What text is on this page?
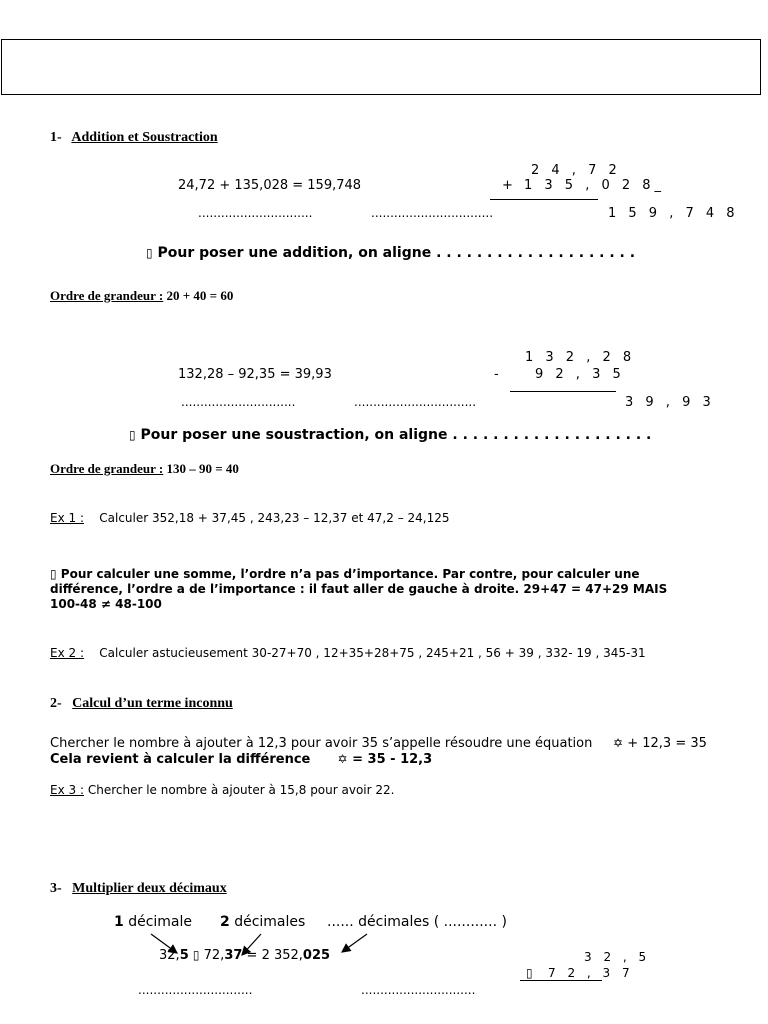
1- Addition et Soustraction
24,72 + 135,028 = 159,748
2 4 , 7 2
+ 1 3 5 , 0 2 8_
1 5 9 , 7 4 8
..............................	................................
▯ Pour poser une addition, on aligne . . . . . . . . . . . . . . . . . . . .
Ordre de grandeur : 20 + 40 = 60
132,28 – 92,35 = 39,93
1 3 2 , 2 8
-	9 2 , 3 5
3 9 , 9 3
..............................	................................
▯ Pour poser une soustraction, on aligne . . . . . . . . . . . . . . . . . . . .
Ordre de grandeur : 130 – 90 = 40
Ex 1 : Calculer 352,18 + 37,45 , 243,23 – 12,37 et 47,2 – 24,125
▯ Pour calculer une somme, l’ordre n’a pas d’importance. Par contre, pour calculer une
différence, l’ordre a de l’importance : il faut aller de gauche à droite. 29+47 = 47+29 MAIS
100-48 ≠ 48-100
Ex 2 : Calculer astucieusement 30-27+70 , 12+35+28+75 , 245+21 , 56 + 39 , 332- 19 , 345-31
2- Calcul d’un terme inconnu
Chercher le nombre à ajouter à 12,3 pour avoir 35 s’appelle résoudre une équation ✡ + 12,3 = 35
Cela revient à calculer la différence ✡ = 35 - 12,3
Ex 3 : Chercher le nombre à ajouter à 15,8 pour avoir 22.
3- Multiplier deux décimaux
1 décimale 2 décimales ...... décimales ( ............ )
32,5 ▯ 72,37 = 2 352,025	3 2 , 5
▯ 7 2 , 3 7
..............................	..............................
